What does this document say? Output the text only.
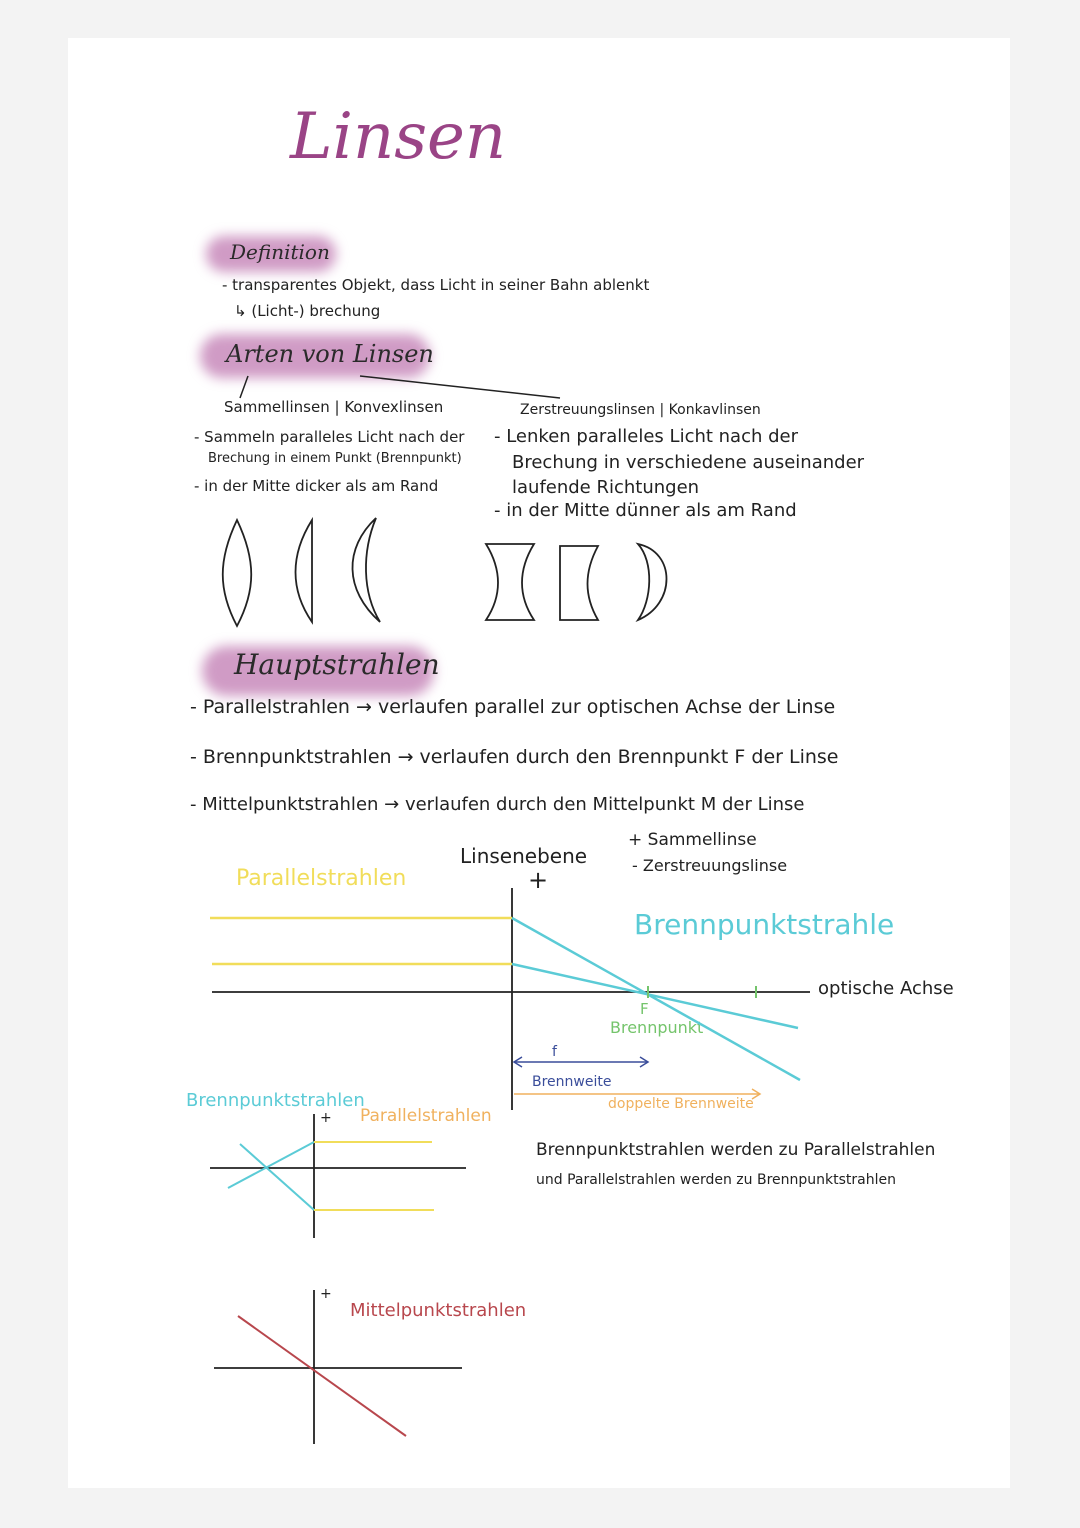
Linsen
Definition
- transparentes Objekt, dass Licht in seiner Bahn ablenkt
↳ (Licht-) brechung
Arten von Linsen
Sammellinsen | Konvexlinsen
- Sammeln paralleles Licht nach der
Brechung in einem Punkt (Brennpunkt)
- in der Mitte dicker als am Rand
Zerstreuungslinsen | Konkavlinsen
- Lenken paralleles Licht nach der
Brechung in verschiedene auseinander
laufende Richtungen
- in der Mitte dünner als am Rand
Hauptstrahlen
- Parallelstrahlen → verlaufen parallel zur optischen Achse der Linse
- Brennpunktstrahlen → verlaufen durch den Brennpunkt F der Linse
- Mittelpunktstrahlen → verlaufen durch den Mittelpunkt M der Linse
Linsenebene
+
+ Sammellinse
- Zerstreuungslinse
Parallelstrahlen
Brennpunktstrahle
optische Achse
F
Brennpunkt
f
Brennweite
doppelte Brennweite
Brennpunktstrahlen
+ Parallelstrahlen
Brennpunktstrahlen werden zu Parallelstrahlen
und Parallelstrahlen werden zu Brennpunktstrahlen
+
Mittelpunktstrahlen
